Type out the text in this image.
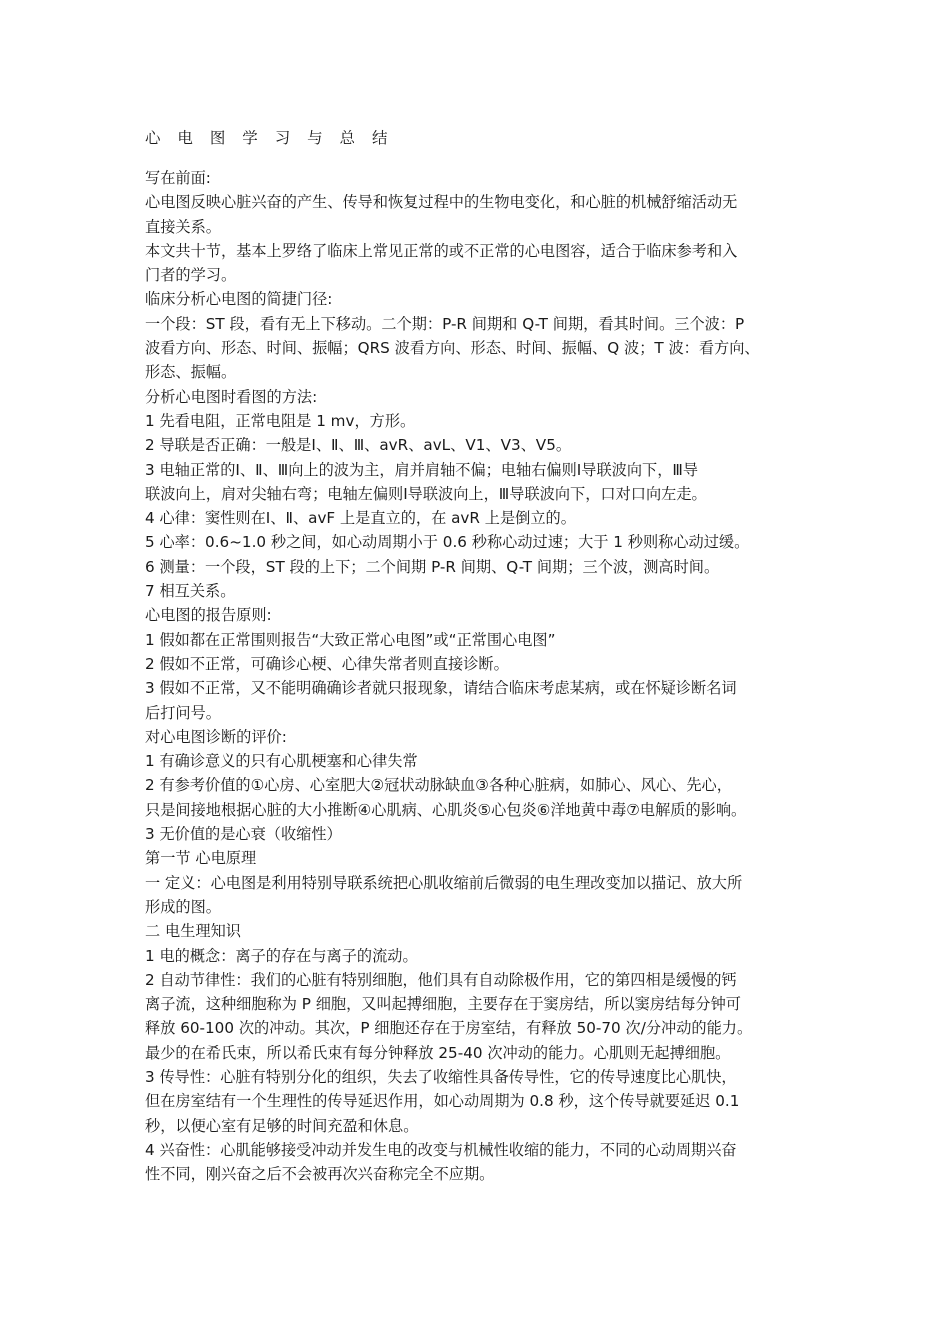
心 电 图 学 习 与 总 结
写在前面:
心电图反映心脏兴奋的产生、传导和恢复过程中的生物电变化，和心脏的机械舒缩活动无
直接关系。
本文共十节，基本上罗络了临床上常见正常的或不正常的心电图容，适合于临床参考和入
门者的学习。
临床分析心电图的简捷门径:
一个段：ST 段，看有无上下移动。二个期：P-R 间期和 Q-T 间期，看其时间。三个波：P
波看方向、形态、时间、振幅；QRS 波看方向、形态、时间、振幅、Q 波；T 波：看方向、
形态、振幅。
分析心电图时看图的方法:
1 先看电阻，正常电阻是 1 mv，方形。
2 导联是否正确：一般是Ⅰ、Ⅱ、Ⅲ、avR、avL、V1、V3、V5。
3 电轴正常的Ⅰ、Ⅱ、Ⅲ向上的波为主，肩并肩轴不偏；电轴右偏则Ⅰ导联波向下，Ⅲ导
联波向上，肩对尖轴右弯；电轴左偏则Ⅰ导联波向上，Ⅲ导联波向下，口对口向左走。
4 心律：窦性则在Ⅰ、Ⅱ、avF 上是直立的，在 avR 上是倒立的。
5 心率：0.6~1.0 秒之间，如心动周期小于 0.6 秒称心动过速；大于 1 秒则称心动过缓。
6 测量：一个段，ST 段的上下；二个间期 P-R 间期、Q-T 间期；三个波，测高时间。
7 相互关系。
心电图的报告原则:
1 假如都在正常围则报告“大致正常心电图”或“正常围心电图”
2 假如不正常，可确诊心梗、心律失常者则直接诊断。
3 假如不正常，又不能明确确诊者就只报现象，请结合临床考虑某病，或在怀疑诊断名词
后打问号。
对心电图诊断的评价:
1 有确诊意义的只有心肌梗塞和心律失常
2 有参考价值的①心房、心室肥大②冠状动脉缺血③各种心脏病，如肺心、风心、先心，
只是间接地根据心脏的大小推断④心肌病、心肌炎⑤心包炎⑥洋地黄中毒⑦电解质的影响。
3 无价值的是心衰（收缩性）
第一节 心电原理
一 定义：心电图是利用特别导联系统把心肌收缩前后微弱的电生理改变加以描记、放大所
形成的图。
二 电生理知识
1 电的概念：离子的存在与离子的流动。
2 自动节律性：我们的心脏有特别细胞，他们具有自动除极作用，它的第四相是缓慢的钙
离子流，这种细胞称为 P 细胞，又叫起搏细胞，主要存在于窦房结，所以窦房结每分钟可
释放 60-100 次的冲动。其次，P 细胞还存在于房室结，有释放 50-70 次/分冲动的能力。
最少的在希氏束，所以希氏束有每分钟释放 25-40 次冲动的能力。心肌则无起搏细胞。
3 传导性：心脏有特别分化的组织，失去了收缩性具备传导性，它的传导速度比心肌快，
但在房室结有一个生理性的传导延迟作用，如心动周期为 0.8 秒，这个传导就要延迟 0.1
秒，以便心室有足够的时间充盈和休息。
4 兴奋性：心肌能够接受冲动并发生电的改变与机械性收缩的能力，不同的心动周期兴奋
性不同，刚兴奋之后不会被再次兴奋称完全不应期。
